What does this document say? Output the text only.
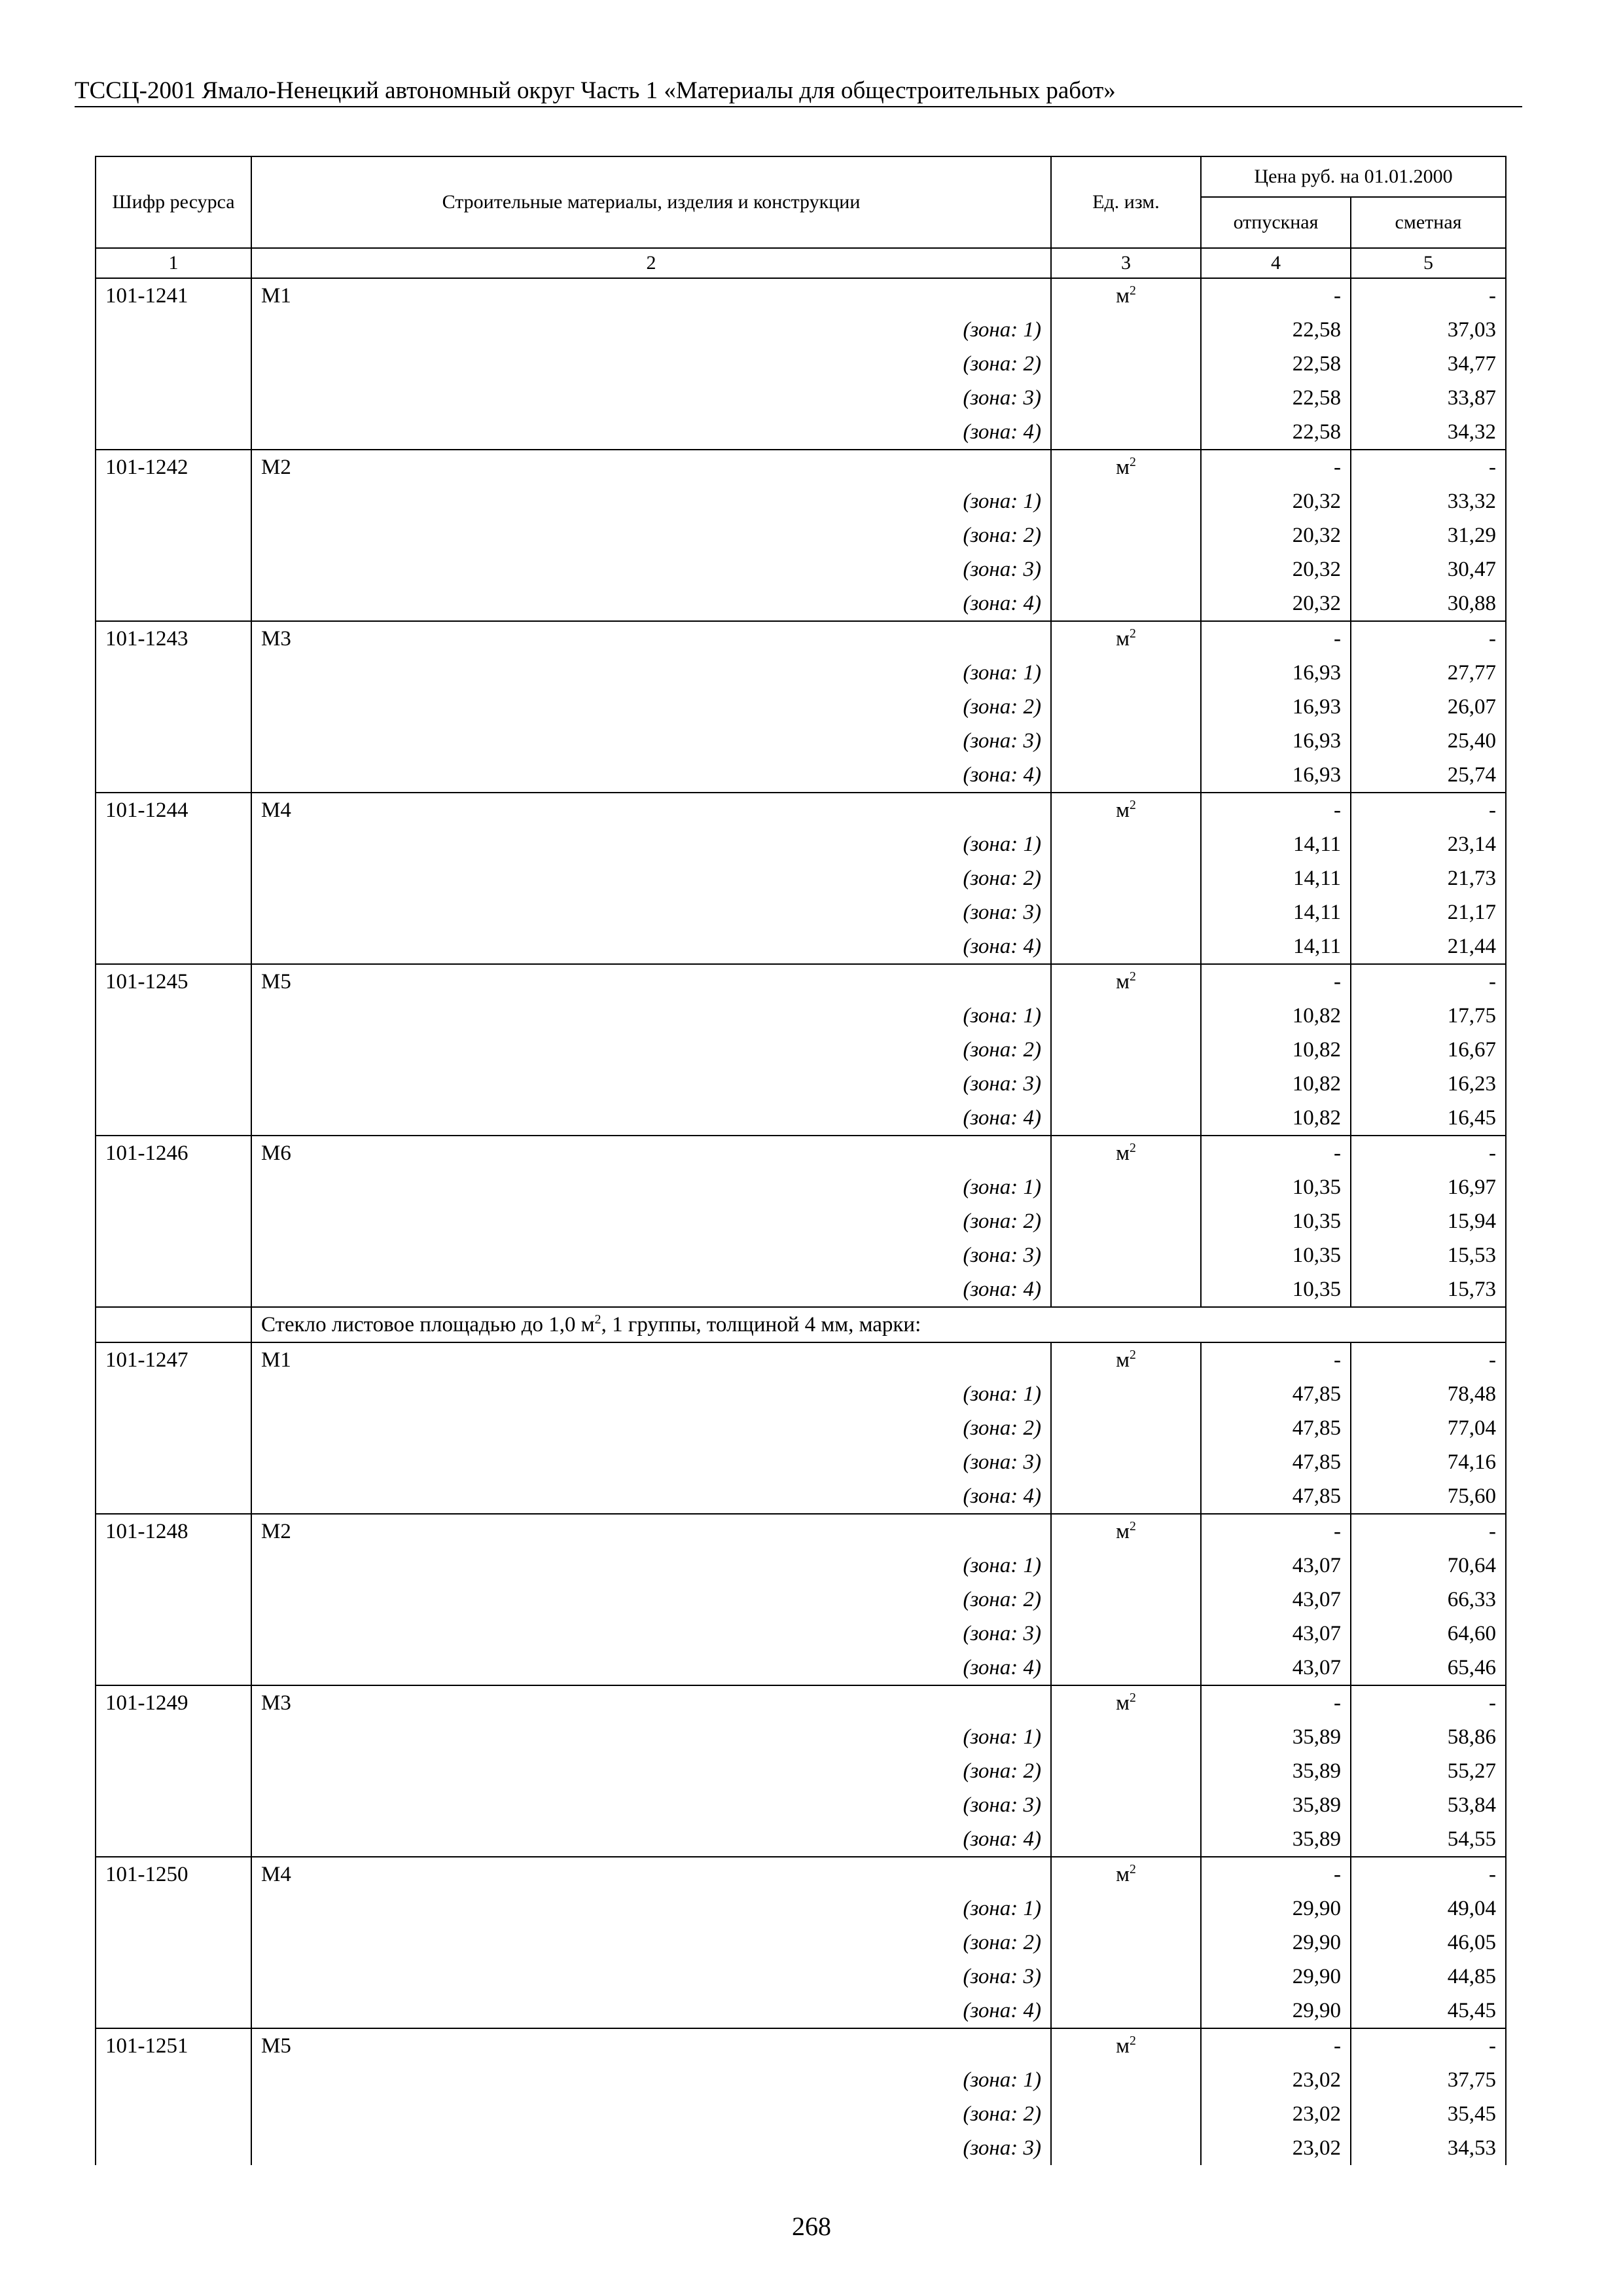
ТССЦ-2001 Ямало-Ненецкий автономный округ Часть 1 «Материалы для общестроительных работ»
Шифр ресурса	Строительные материалы, изделия и конструкции	Ед. изм.	Цена руб. на 01.01.2000	
			отпускная	сметная
1	2	3	4	5
101-1241	М1	$м^2$	-	-
	(зона: 1)		22,58	37,03
	(зона: 2)		22,58	34,77
	(зона: 3)		22,58	33,87
	(зона: 4)		22,58	34,32
101-1242	М2	$м^2$	-	-
	(зона: 1)		20,32	33,32
	(зона: 2)		20,32	31,29
	(зона: 3)		20,32	30,47
	(зона: 4)		20,32	30,88
101-1243	М3	$м^2$	-	-
	(зона: 1)		16,93	27,77
	(зона: 2)		16,93	26,07
	(зона: 3)		16,93	25,40
	(зона: 4)		16,93	25,74
101-1244	М4	$м^2$	-	-
	(зона: 1)		14,11	23,14
	(зона: 2)		14,11	21,73
	(зона: 3)		14,11	21,17
	(зона: 4)		14,11	21,44
101-1245	М5	$м^2$	-	-
	(зона: 1)		10,82	17,75
	(зона: 2)		10,82	16,67
	(зона: 3)		10,82	16,23
	(зона: 4)		10,82	16,45
101-1246	М6	$м^2$	-	-
	(зона: 1)		10,35	16,97
	(зона: 2)		10,35	15,94
	(зона: 3)		10,35	15,53
	(зона: 4)		10,35	15,73
	Стекло листовое площадью до 1,0 $м^2$, 1 группы, толщиной 4 мм, марки:			
101-1247	М1	$м^2$	-	-
	(зона: 1)		47,85	78,48
	(зона: 2)		47,85	77,04
	(зона: 3)		47,85	74,16
	(зона: 4)		47,85	75,60
101-1248	М2	$м^2$	-	-
	(зона: 1)		43,07	70,64
	(зона: 2)		43,07	66,33
	(зона: 3)		43,07	64,60
	(зона: 4)		43,07	65,46
101-1249	М3	$м^2$	-	-
	(зона: 1)		35,89	58,86
	(зона: 2)		35,89	55,27
	(зона: 3)		35,89	53,84
	(зона: 4)		35,89	54,55
101-1250	М4	$м^2$	-	-
	(зона: 1)		29,90	49,04
	(зона: 2)		29,90	46,05
	(зона: 3)		29,90	44,85
	(зона: 4)		29,90	45,45
101-1251	М5	$м^2$	-	-
	(зона: 1)		23,02	37,75
	(зона: 2)		23,02	35,45
	(зона: 3)		23,02	34,53
268
